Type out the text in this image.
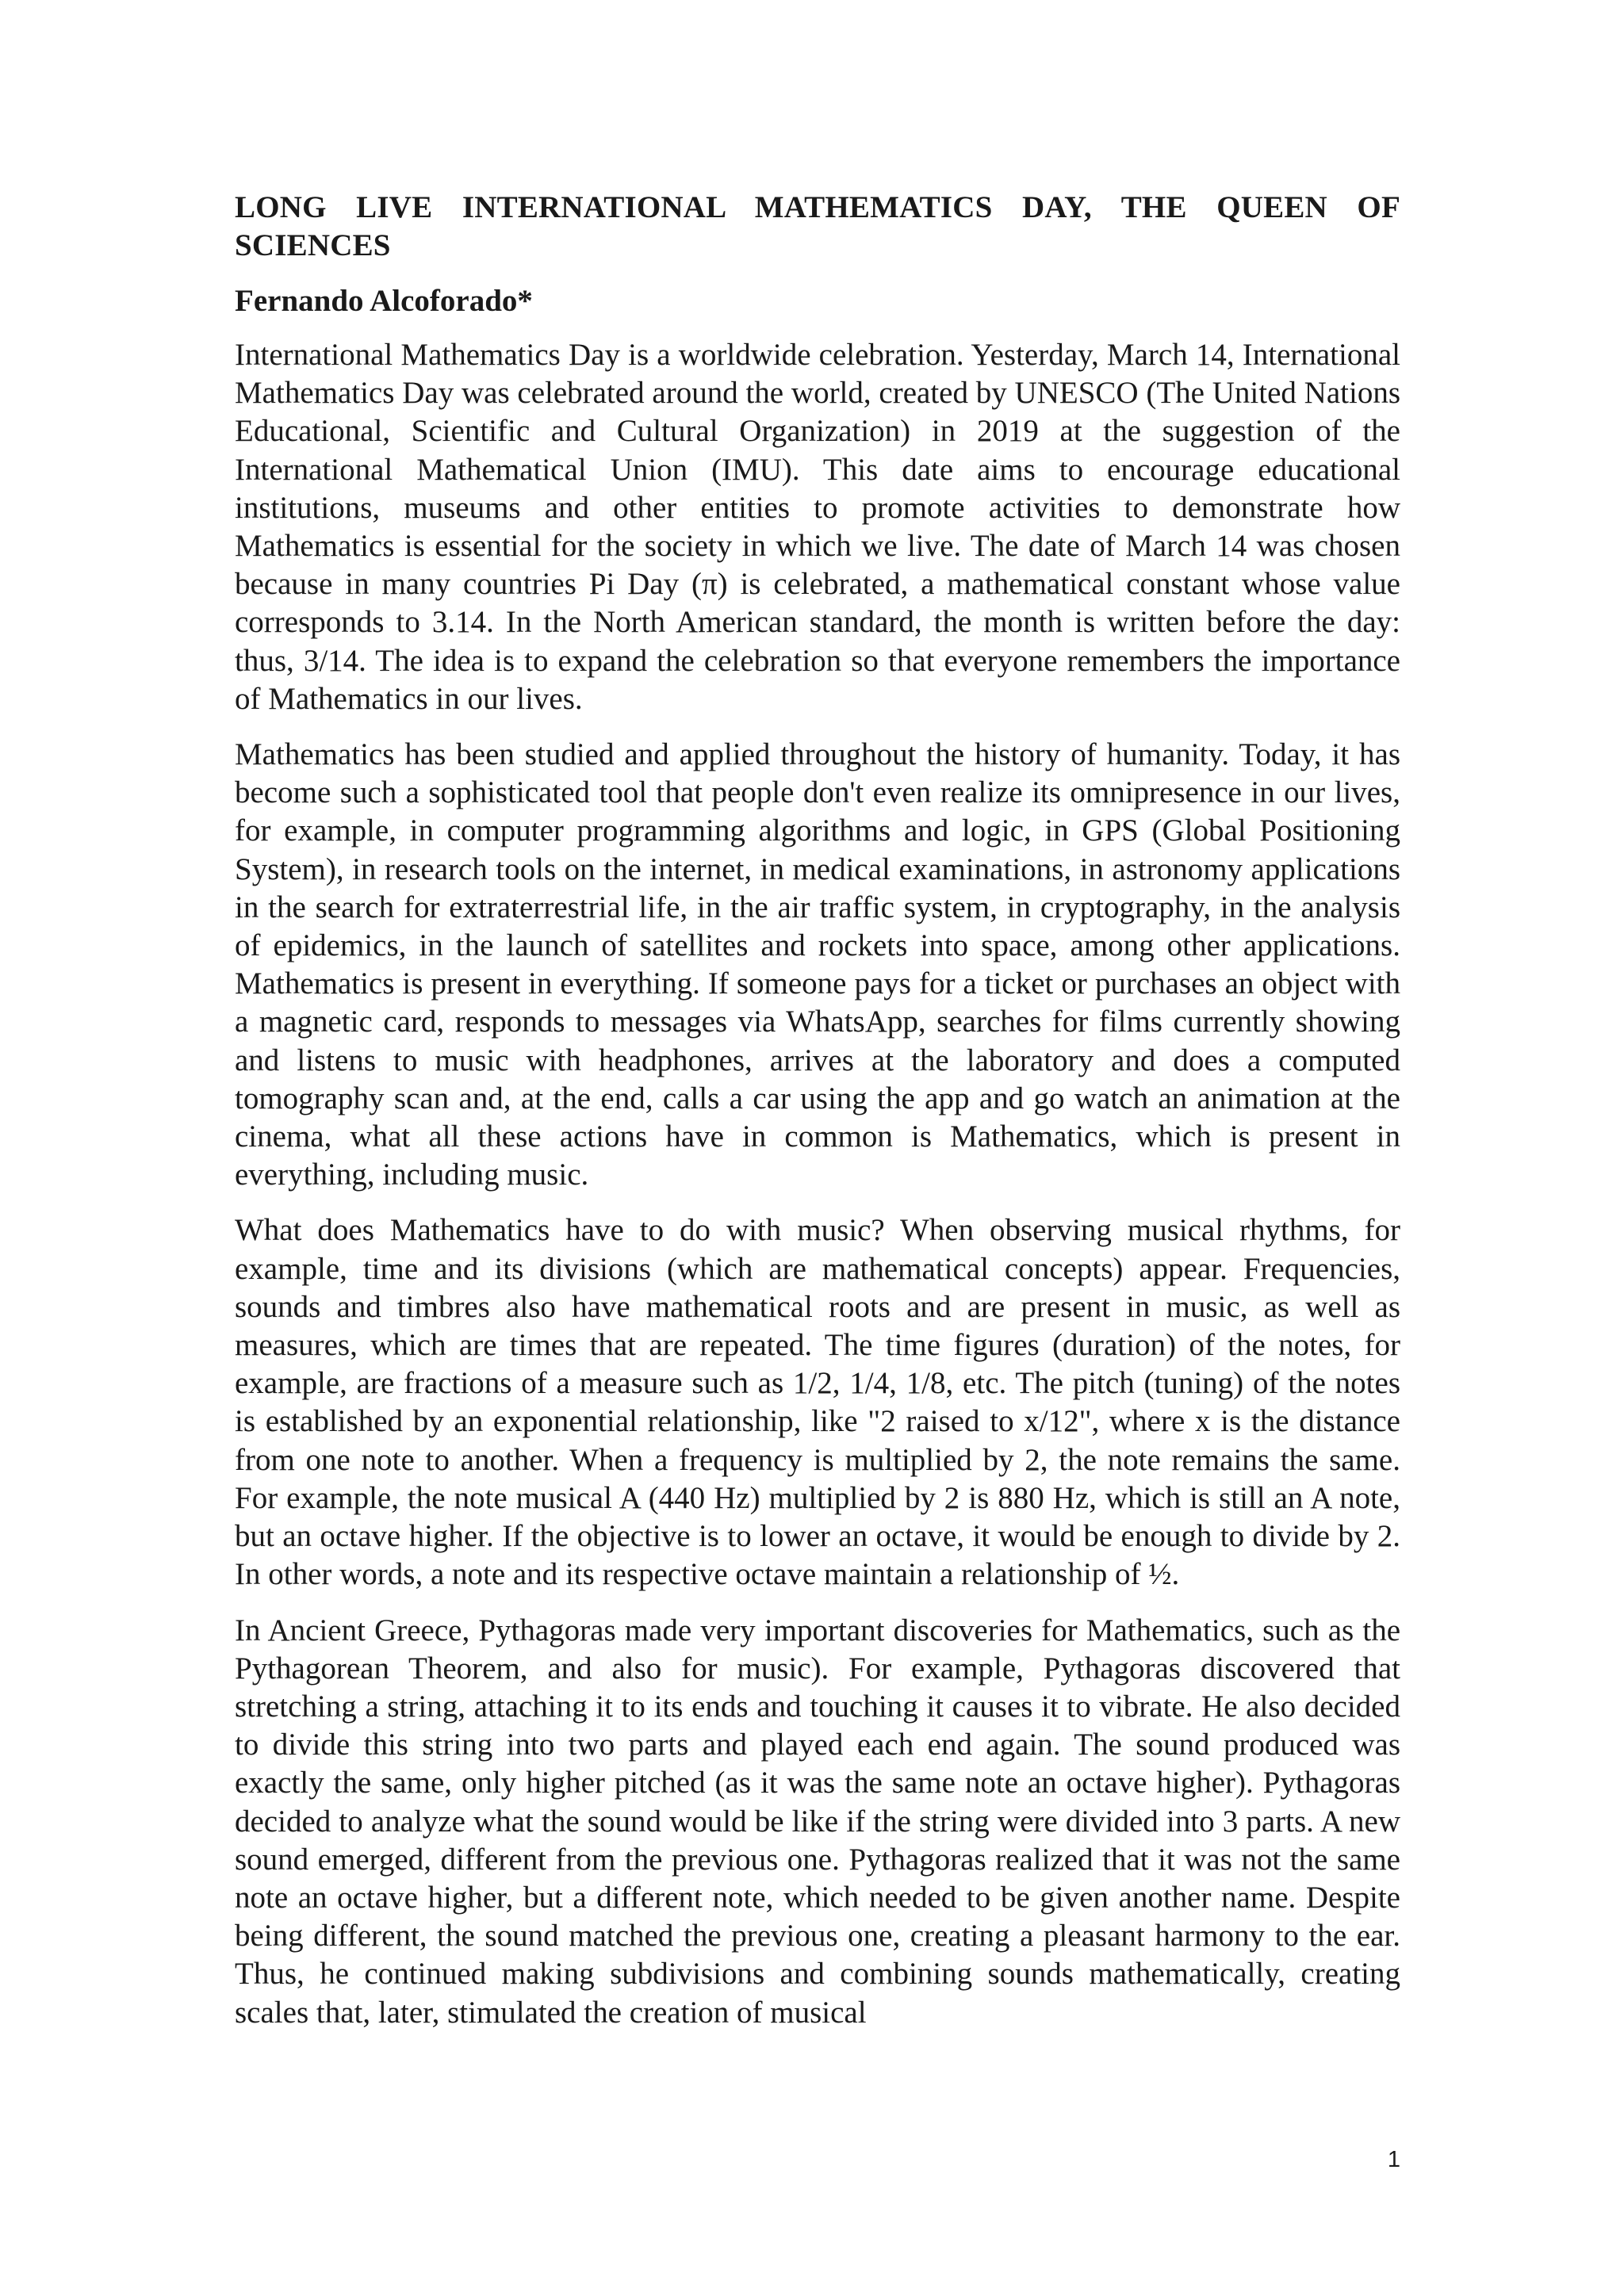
LONG LIVE INTERNATIONAL MATHEMATICS DAY, THE QUEEN OF SCIENCES
Fernando Alcoforado*

International Mathematics Day is a worldwide celebration. Yesterday, March 14, International Mathematics Day was celebrated around the world, created by UNESCO (The United Nations Educational, Scientific and Cultural Organization) in 2019 at the suggestion of the International Mathematical Union (IMU). This date aims to encourage educational institutions, museums and other entities to promote activities to demonstrate how Mathematics is essential for the society in which we live. The date of March 14 was chosen because in many countries Pi Day (π) is celebrated, a mathematical constant whose value corresponds to 3.14. In the North American standard, the month is written before the day: thus, 3/14. The idea is to expand the celebration so that everyone remembers the importance of Mathematics in our lives.

Mathematics has been studied and applied throughout the history of humanity. Today, it has become such a sophisticated tool that people don't even realize its omnipresence in our lives, for example, in computer programming algorithms and logic, in GPS (Global Positioning System), in research tools on the internet, in medical examinations, in astronomy applications in the search for extraterrestrial life, in the air traffic system, in cryptography, in the analysis of epidemics, in the launch of satellites and rockets into space, among other applications. Mathematics is present in everything. If someone pays for a ticket or purchases an object with a magnetic card, responds to messages via WhatsApp, searches for films currently showing and listens to music with headphones, arrives at the laboratory and does a computed tomography scan and, at the end, calls a car using the app and go watch an animation at the cinema, what all these actions have in common is Mathematics, which is present in everything, including music.

What does Mathematics have to do with music? When observing musical rhythms, for example, time and its divisions (which are mathematical concepts) appear. Frequencies, sounds and timbres also have mathematical roots and are present in music, as well as measures, which are times that are repeated. The time figures (duration) of the notes, for example, are fractions of a measure such as 1/2, 1/4, 1/8, etc. The pitch (tuning) of the notes is established by an exponential relationship, like "2 raised to x/12", where x is the distance from one note to another. When a frequency is multiplied by 2, the note remains the same. For example, the note musical A (440 Hz) multiplied by 2 is 880 Hz, which is still an A note, but an octave higher. If the objective is to lower an octave, it would be enough to divide by 2. In other words, a note and its respective octave maintain a relationship of ½.

In Ancient Greece, Pythagoras made very important discoveries for Mathematics, such as the Pythagorean Theorem, and also for music). For example, Pythagoras discovered that stretching a string, attaching it to its ends and touching it causes it to vibrate. He also decided to divide this string into two parts and played each end again. The sound produced was exactly the same, only higher pitched (as it was the same note an octave higher). Pythagoras decided to analyze what the sound would be like if the string were divided into 3 parts. A new sound emerged, different from the previous one. Pythagoras realized that it was not the same note an octave higher, but a different note, which needed to be given another name. Despite being different, the sound matched the previous one, creating a pleasant harmony to the ear. Thus, he continued making subdivisions and combining sounds mathematically, creating scales that, later, stimulated the creation of musical

1
